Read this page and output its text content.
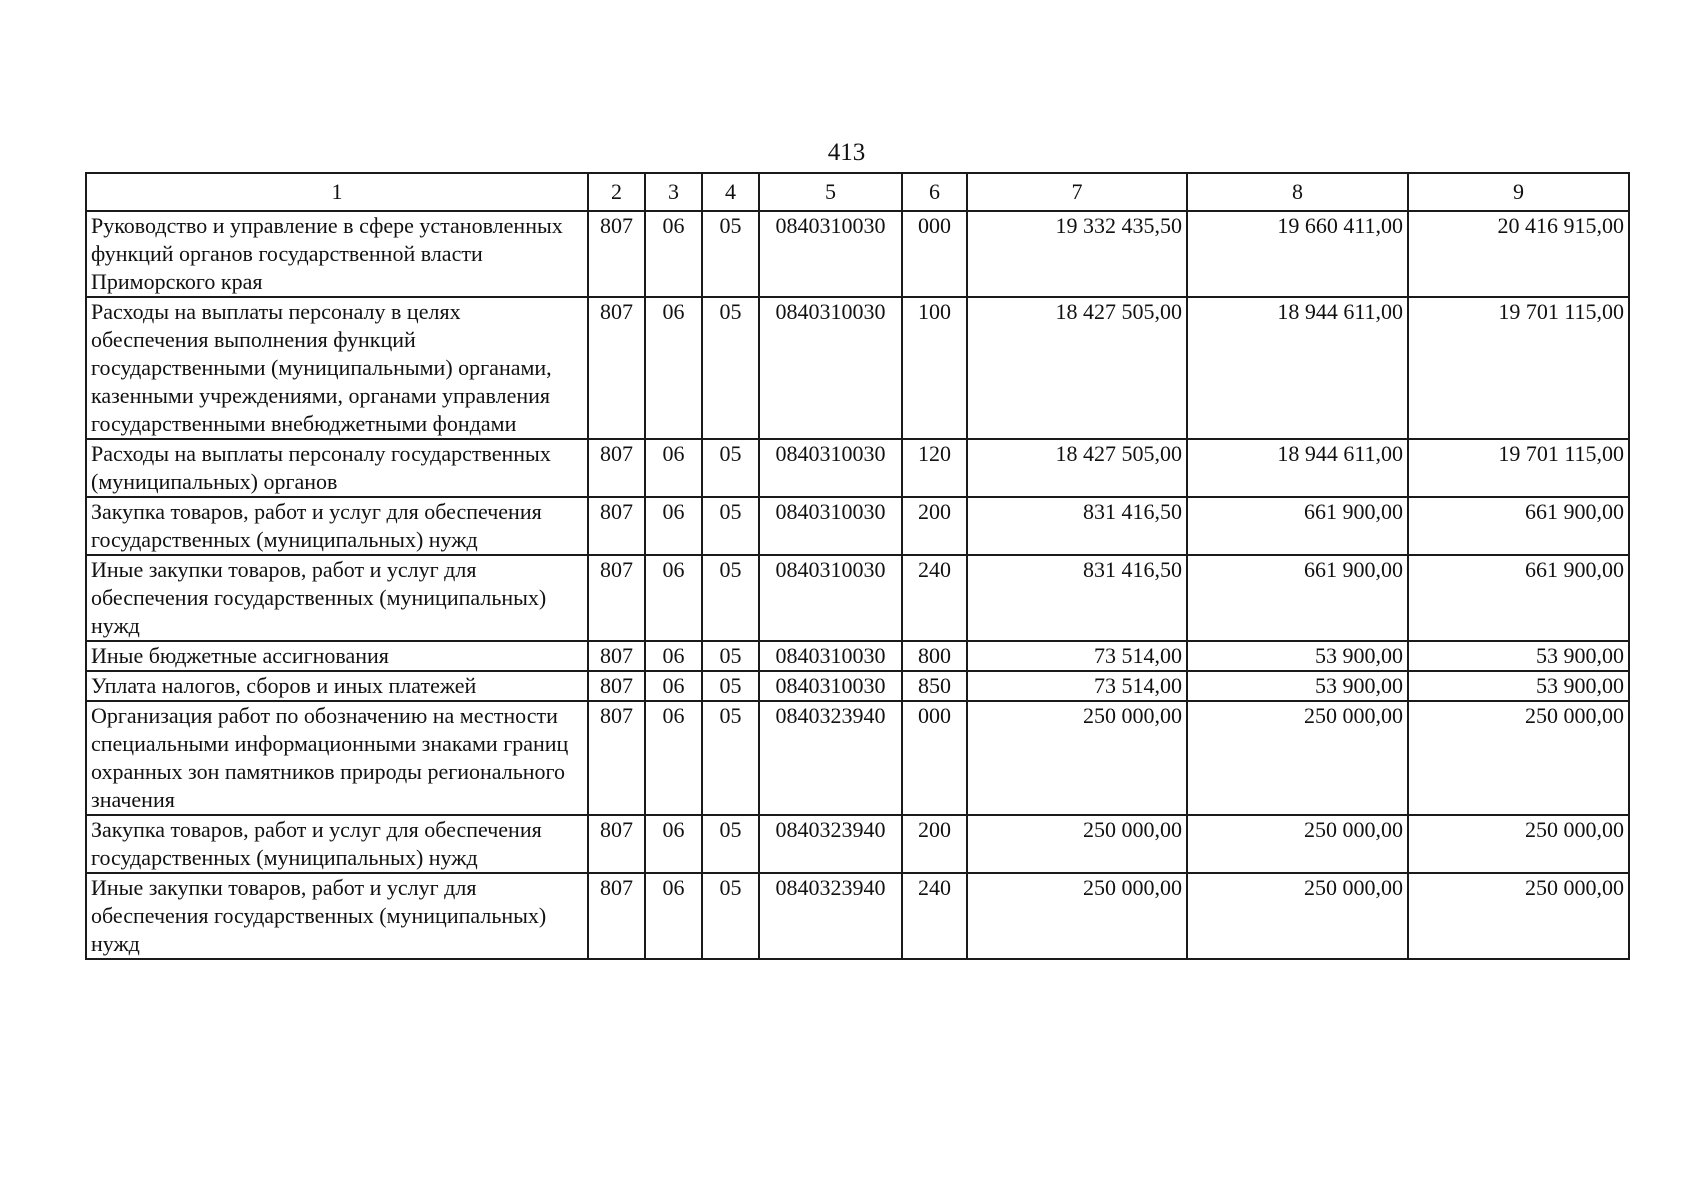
413
1	2	3	4	5	6	7	8	9
Руководство и управление в сфере установленных функций органов государственной власти Приморского края	807	06	05	0840310030	000	19 332 435,50	19 660 411,00	20 416 915,00
Расходы на выплаты персоналу в целях обеспечения выполнения функций государственными (муниципальными) органами, казенными учреждениями, органами управления государственными внебюджетными фондами	807	06	05	0840310030	100	18 427 505,00	18 944 611,00	19 701 115,00
Расходы на выплаты персоналу государственных (муниципальных) органов	807	06	05	0840310030	120	18 427 505,00	18 944 611,00	19 701 115,00
Закупка товаров, работ и услуг для обеспечения государственных (муниципальных) нужд	807	06	05	0840310030	200	831 416,50	661 900,00	661 900,00
Иные закупки товаров, работ и услуг для обеспечения государственных (муниципальных) нужд	807	06	05	0840310030	240	831 416,50	661 900,00	661 900,00
Иные бюджетные ассигнования	807	06	05	0840310030	800	73 514,00	53 900,00	53 900,00
Уплата налогов, сборов и иных платежей	807	06	05	0840310030	850	73 514,00	53 900,00	53 900,00
Организация работ по обозначению на местности специальными информационными знаками границ охранных зон памятников природы регионального значения	807	06	05	0840323940	000	250 000,00	250 000,00	250 000,00
Закупка товаров, работ и услуг для обеспечения государственных (муниципальных) нужд	807	06	05	0840323940	200	250 000,00	250 000,00	250 000,00
Иные закупки товаров, работ и услуг для обеспечения государственных (муниципальных) нужд	807	06	05	0840323940	240	250 000,00	250 000,00	250 000,00
